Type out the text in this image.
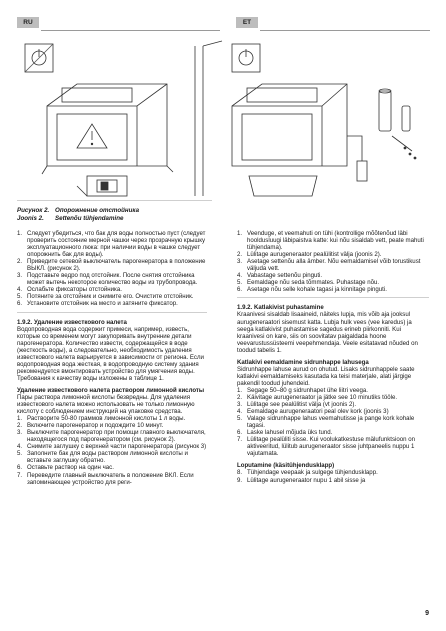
RU	ET
Рисунок 2. Опорожнение отстойника
Joonis 2. Settenõu tühjendamine
1. Следует убедиться, что бак для воды полностью пуст (следует проверить состояние мерной чашки через прозрачную крышку эксплуатационного люка: при наличии воды в чашке следует опорожнить бак для воды).
2. Приведите сетевой выключатель парогенератора в положение ВЫКЛ. (рисунок 2).
3. Подставьте ведро под отстойник. После снятия отстойника может вытечь некоторое количество воды из трубопровода.
4. Ослабьте фиксаторы отстойника.
5. Потяните за отстойник и снимите его. Очистите отстойник.
6. Установите отстойник на место и затяните фиксатор.
1.9.2. Удаление известкового налета

Водопроводная вода содержит примеси, например, известь, которые со временем могут закупоривать внутренние детали парогенератора. Количество извести, содержащейся в воде (жесткость воды), а следовательно, необходимость удаления известкового налета варьируется в зависимости от региона. Если водопроводная вода жесткая, в водопроводную систему здания рекомендуется вмонтировать устройство для умягчения воды. Требования к качеству воды изложены в таблице 1.

Удаление известкового налета раствором лимонной кислоты

Пары раствора лимонной кислоты безвредны. Для удаления известкового налета можно использовать не только лимонную кислоту с соблюдением инструкций на упаковке средства.

1. Растворите 50-80 граммов лимонной кислоты 1 л воды.
2. Включите парогенератор и подождите 10 минут.
3. Выключите парогенератор при помощи главного выключателя, находящегося под парогенератором (см. рисунок 2).
4. Снимите заглушку с верхней части парогенератора (рисунок 3)
5. Заполните бак для воды раствором лимонной кислоты и вставьте заглушку обратно.
6. Оставьте раствор на один час.
7. Переведите главный выключатель в положение ВКЛ. Если запоминающее устройство для реги-
1. Veenduge, et veemahuti on tühi (kontrollige mõõtenõud läbi hooldusluugi läbipaistva katte: kui nõu sisaldab vett, peate mahuti tühjendama).
2. Lülitage aurugeneraator pealülitist välja (joonis 2).
3. Asetage settenõu alla ämber. Nõu eemaldamisel võib torustikust väljuda vett.
4. Vabastage settenõu pinguti.
5. Eemaldage nõu seda tõmmates. Puhastage nõu.
6. Asetage nõu selle kohale tagasi ja kinnitage pinguti.
1.9.2. Katlakivist puhastamine

Kraanivesi sisaldab lisaaineid, näiteks lupja, mis võib aja jooksul aurugeneraatori sisemust katta. Lubja hulk vees (vee karedus) ja seega katlakivist puhastamise sagedus erineb piirkonniti. Kui kraanivesi on kare, siis on soovitatav paigaldada hoone veevarustussüsteemi veepehmendaja. Veele esitatavad nõuded on toodud tabelis 1.

Katlakivi eemaldamine sidrunhappe lahusega

Sidrunhappe lahuse aurud on ohutud. Lisaks sidrunhappele saate katlakivi eemaldamiseks kasutada ka teisi materjale, alati järgige pakendil toodud juhendeid.

1. Segage 50–80 g sidrunhapet ühe liitri veega.
2. Käivitage aurugeneraator ja jätke see 10 minutiks tööle.
3. Lülitage see pealülitist välja (vt joonis 2).
4. Eemaldage aurugeneraatori peal olev kork (joonis 3)
5. Valage sidrunhappe lahus veemahutisse ja pange kork kohale tagasi.
6. Laske lahusel mõjuda üks tund.
7. Lülitage pealüliti sisse. Kui voolukatkestuse mälufunktsioon on aktiveeritud, lülitub aurugeneraator sisse juhtpaneelis nuppu 1 vajutamata.
Loputamine (käsitühjendusklapp)
8. Tühjendage veepaak ja sulgege tühjendusklapp.
9. Lülitage aurugeneraator nupu 1 abil sisse ja
9
